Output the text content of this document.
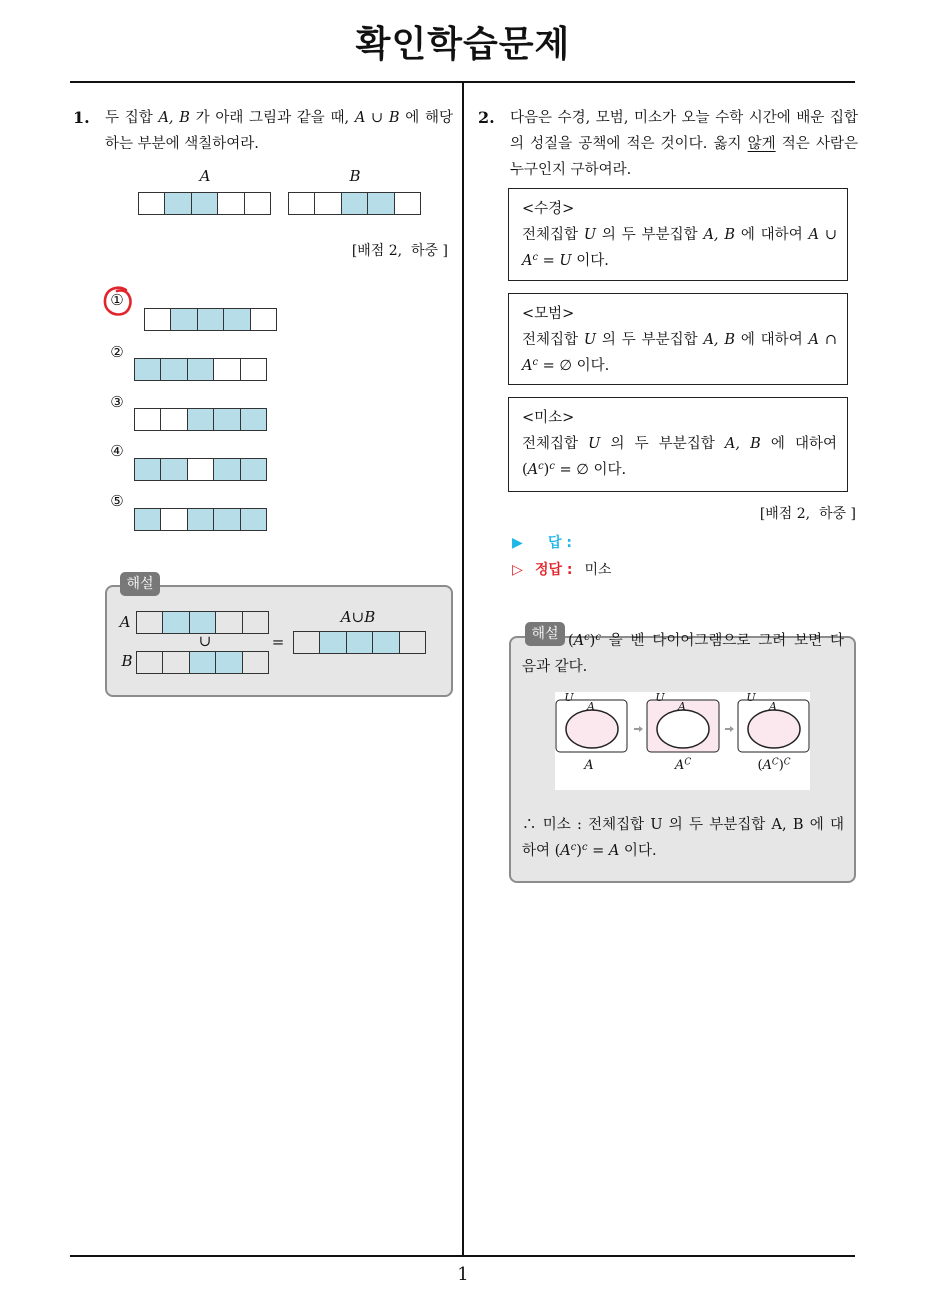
확인학습문제
1
1. 두 집합 A, B 가 아래 그림과 같을 때, A ∪ B 에 해당
하는 부분에 색칠하여라.
A	B
[배점 2,  하중 ]
①
②
③
④
⑤
해설
A
∪
B
=
A∪B
2. 다음은 수경, 모범, 미소가 오늘 수학 시간에 배운 집합
의 성질을 공책에 적은 것이다. 옳지 않게 적은 사람은
누구인지 구하여라.
<수경>
전체집합 U 의 두 부분집합 A, B 에 대하여 A ∪
$A^c = U$ 이다.
<모범>
전체집합 U 의 두 부분집합 A, B 에 대하여 A ∩
$A^c$ = ∅ 이다.
<미소>
전체집합 U 의 두 부분집합 A, B 에 대하여
$(A^c)^c$ = ∅ 이다.
[배점 2,  하중 ]
▶ 답 :
▷ 정답 : 미소
$(A^c)^c$ 을 벤 다이어그램으로 그려 보면 다
음과 같다.
해설
U
A
U
A
U
A
A	$A^C$	$(A^C)^C$
∴ 미소 : 전체집합 U 의 두 부분집합 A, B 에 대
하여 $(A^c)^c = A$ 이다.
